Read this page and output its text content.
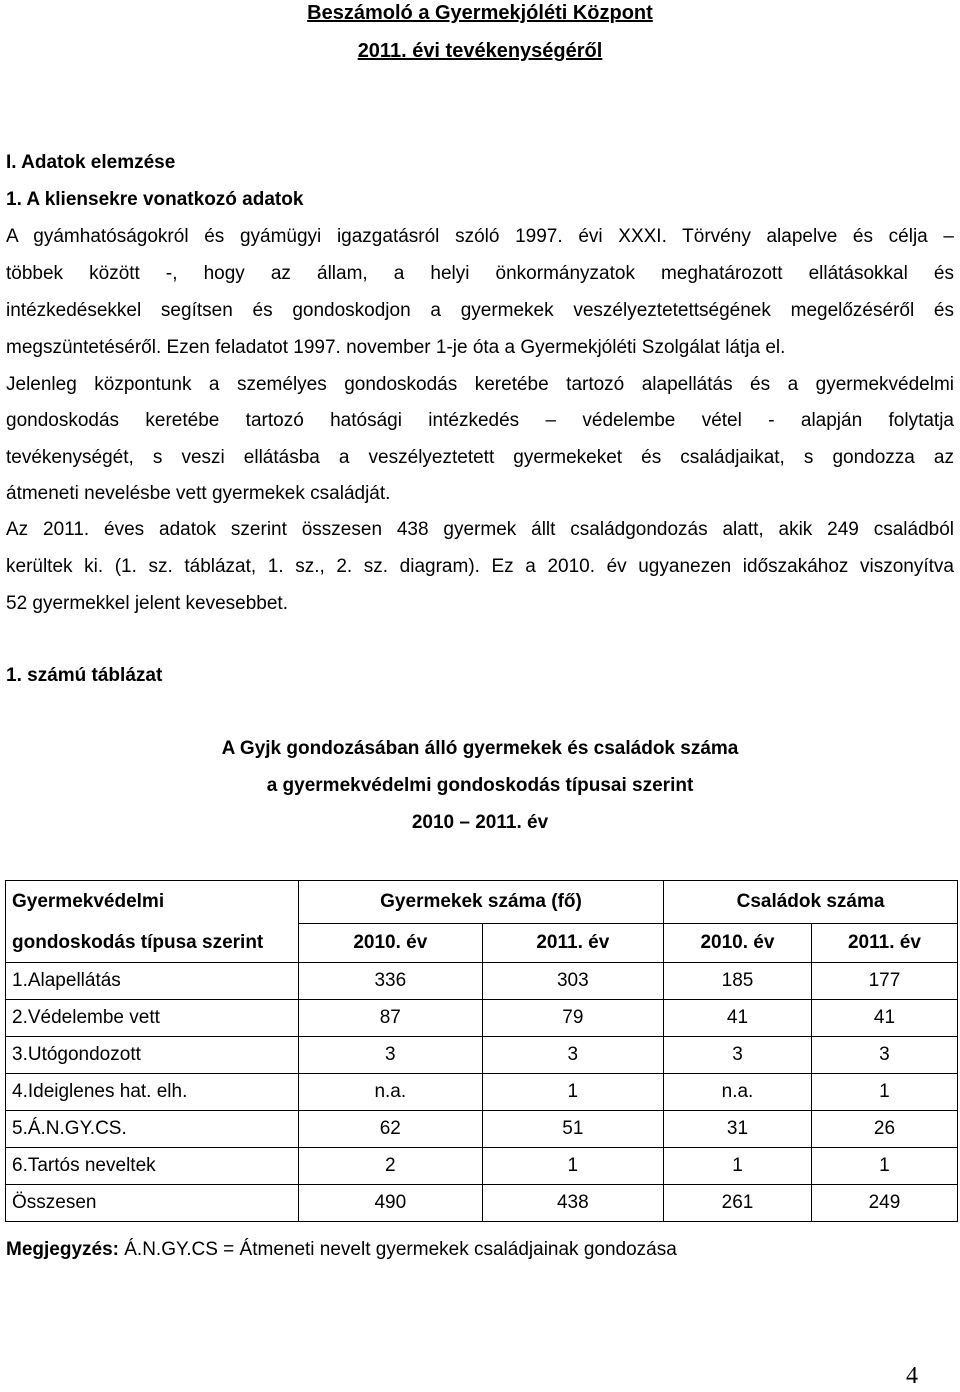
Beszámoló a Gyermekjóléti Központ
2011. évi tevékenységéről
I. Adatok elemzése
1. A kliensekre vonatkozó adatok
A gyámhatóságokról és gyámügyi igazgatásról szóló 1997. évi XXXI. Törvény alapelve és célja –
többek között -, hogy az állam, a helyi önkormányzatok meghatározott ellátásokkal és
intézkedésekkel segítsen és gondoskodjon a gyermekek veszélyeztetettségének megelőzéséről és
megszüntetéséről. Ezen feladatot 1997. november 1-je óta a Gyermekjóléti Szolgálat látja el.
Jelenleg központunk a személyes gondoskodás keretébe tartozó alapellátás és a gyermekvédelmi
gondoskodás keretébe tartozó hatósági intézkedés – védelembe vétel - alapján folytatja
tevékenységét, s veszi ellátásba a veszélyeztetett gyermekeket és családjaikat, s gondozza az
átmeneti nevelésbe vett gyermekek családját.
Az 2011. éves adatok szerint összesen 438 gyermek állt családgondozás alatt, akik 249 családból
kerültek ki. (1. sz. táblázat, 1. sz., 2. sz. diagram). Ez a 2010. év ugyanezen időszakához viszonyítva
52 gyermekkel jelent kevesebbet.
1. számú táblázat
A Gyjk gondozásában álló gyermekek és családok száma
a gyermekvédelmi gondoskodás típusai szerint
2010 – 2011. év
Gyermekvédelmi	Gyermekek száma (fő)		Családok száma	
gondoskodás típusa szerint	2010. év	2011. év	2010. év	2011. év
1.Alapellátás	336	303	185	177
2.Védelembe vett	87	79	41	41
3.Utógondozott	3	3	3	3
4.Ideiglenes hat. elh.	n.a.	1	n.a.	1
5.Á.N.GY.CS.	62	51	31	26
6.Tartós neveltek	2	1	1	1
Összesen	490	438	261	249
Megjegyzés: Á.N.GY.CS = Átmeneti nevelt gyermekek családjainak gondozása
4
